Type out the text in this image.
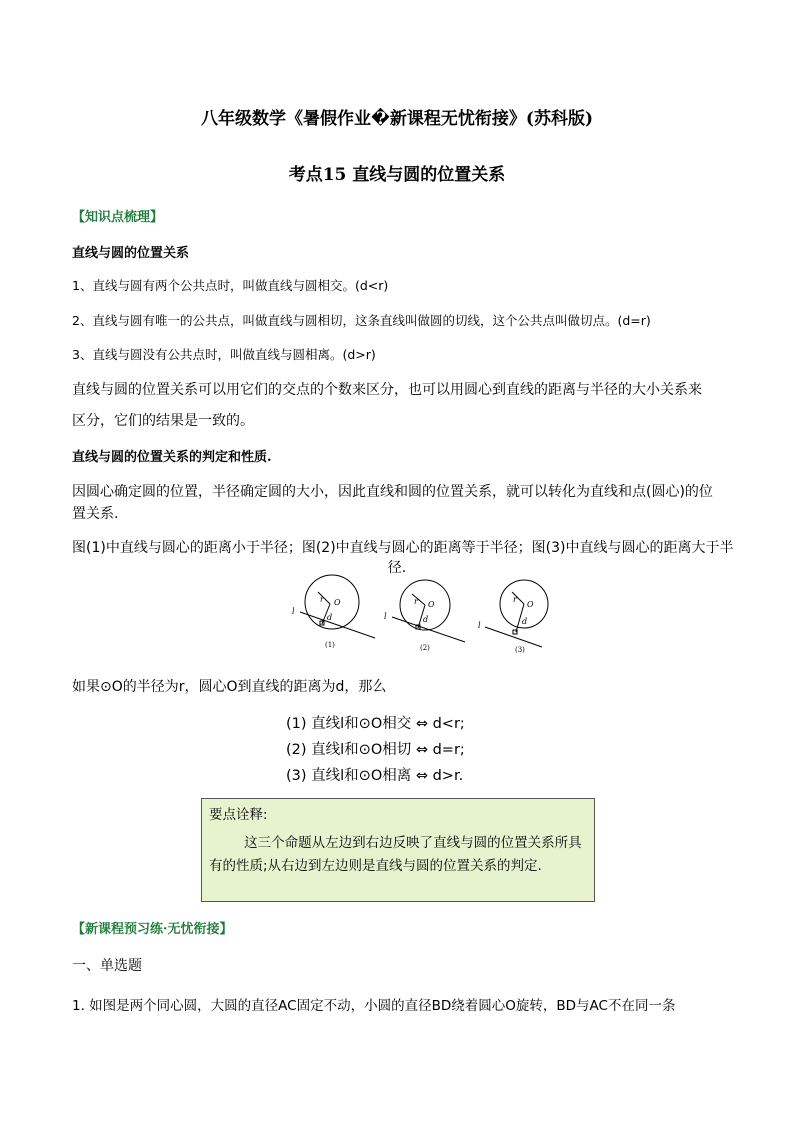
八年级数学《暑假作业�新课程无忧衔接》(苏科版)
考点15 直线与圆的位置关系
【知识点梳理】
直线与圆的位置关系
1、直线与圆有两个公共点时，叫做直线与圆相交。(d<r)
2、直线与圆有唯一的公共点，叫做直线与圆相切，这条直线叫做圆的切线，这个公共点叫做切点。(d=r)
3、直线与圆没有公共点时，叫做直线与圆相离。(d>r)
直线与圆的位置关系可以用它们的交点的个数来区分，也可以用圆心到直线的距离与半径的大小关系来
区分，它们的结果是一致的。
直线与圆的位置关系的判定和性质.
因圆心确定圆的位置，半径确定圆的大小，因此直线和圆的位置关系，就可以转化为直线和点(圆心)的位
置关系.
图(1)中直线与圆心的距离小于半径；图(2)中直线与圆心的距离等于半径；图(3)中直线与圆心的距离大于半
径.
l
r O
d	l
r O
d
l
r
O
d
(1)	(2)	(3)
如果⊙O的半径为r，圆心O到直线的距离为d，那么
(1) 直线l和⊙O相交 ⇔ d<r;
(2) 直线l和⊙O相切 ⇔ d=r;
(3) 直线l和⊙O相离 ⇔ d>r.
要点诠释:
这三个命题从左边到右边反映了直线与圆的位置关系所具有的性质;从右边到左边则是直线与圆的位置关系的判定.
【新课程预习练·无忧衔接】
一、单选题
1. 如图是两个同心圆，大圆的直径AC固定不动，小圆的直径BD绕着圆心O旋转，BD与AC不在同一条
